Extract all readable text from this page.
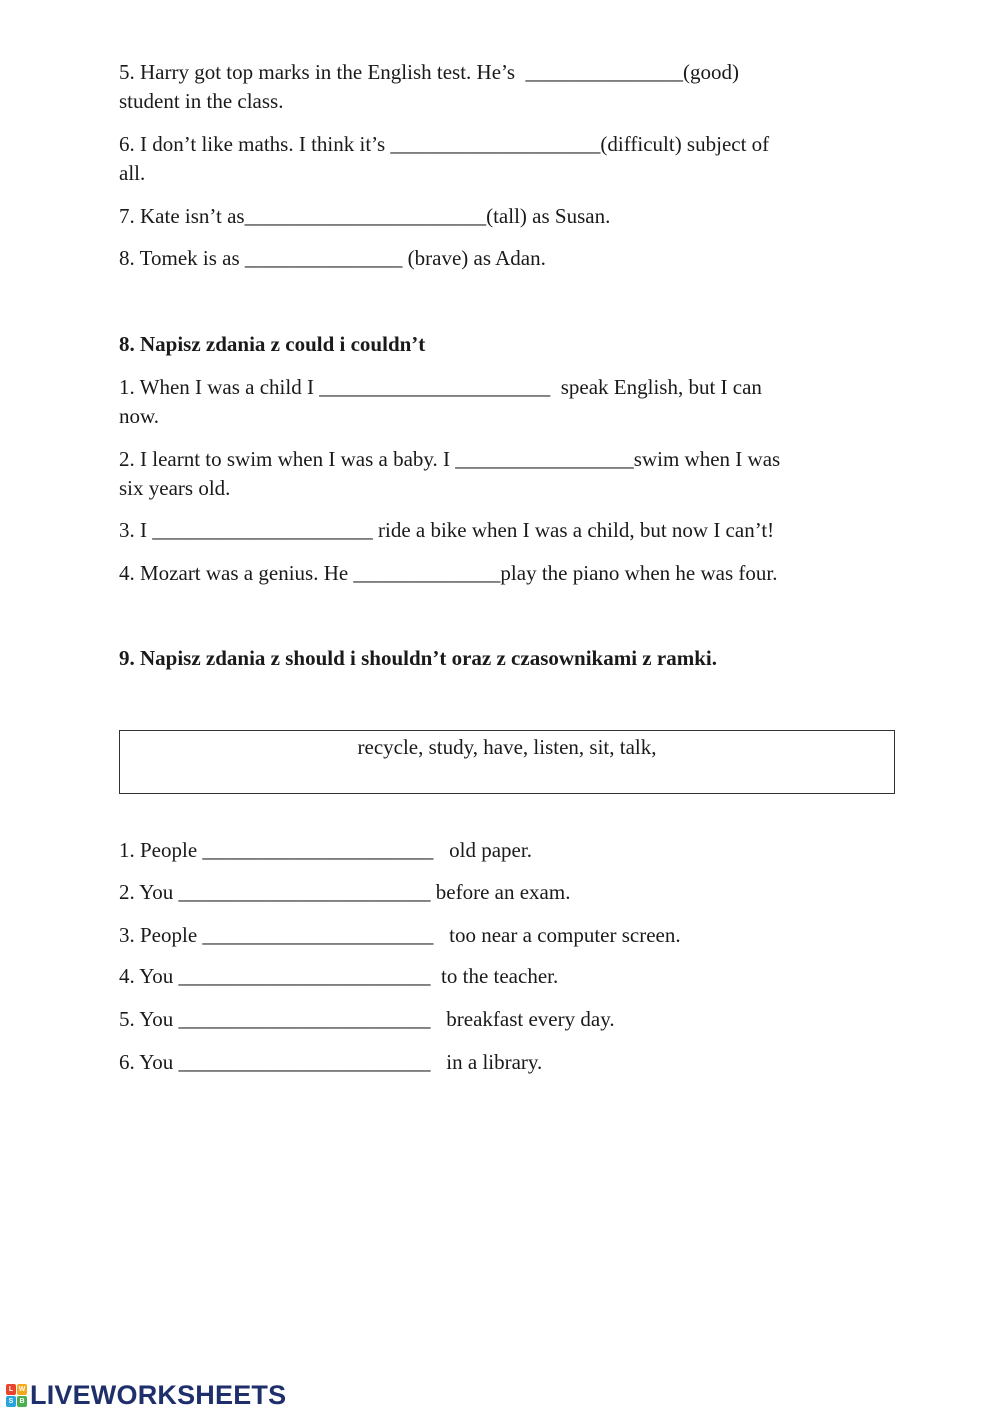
5. Harry got top marks in the English test. He’s  _______________(good)
student in the class.
6. I don’t like maths. I think it’s ____________________(difficult) subject of
all.
7. Kate isn’t as_______________________(tall) as Susan.
8. Tomek is as _______________ (brave) as Adan.
8. Napisz zdania z could i couldn’t
1. When I was a child I ______________________  speak English, but I can
now.
2. I learnt to swim when I was a baby. I _________________swim when I was
six years old.
3. I _____________________ ride a bike when I was a child, but now I can’t!
4. Mozart was a genius. He ______________play the piano when he was four.
9. Napisz zdania z should i shouldn’t oraz z czasownikami z ramki.
recycle, study, have, listen, sit, talk,
1. People ______________________   old paper.
2. You ________________________ before an exam.
3. People ______________________   too near a computer screen.
4. You ________________________  to the teacher.
5. You ________________________   breakfast every day.
6. You ________________________   in a library.
L W
S B LIVEWORKSHEETS
